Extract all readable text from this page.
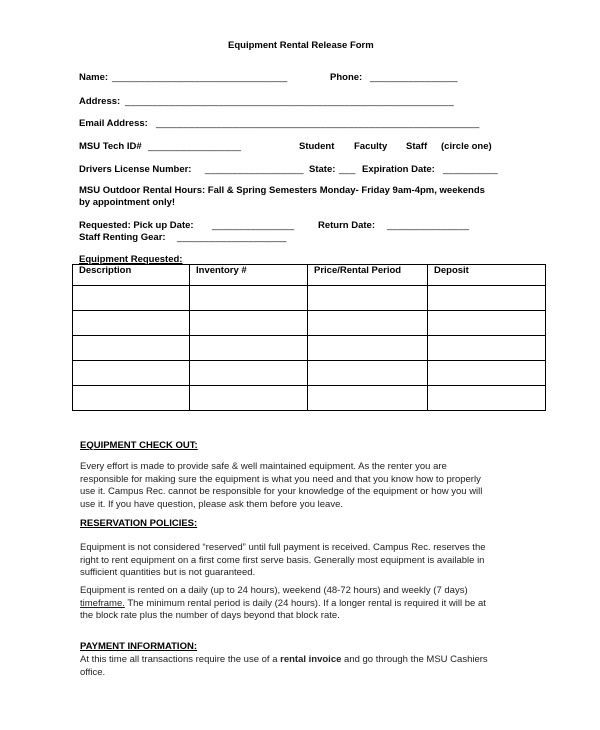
Equipment Rental Release Form
Name: ________________________________	Phone: ________________
Address: ____________________________________________________________
Email Address: ___________________________________________________________
MSU Tech ID# _________________	Student Faculty Staff (circle one)
Drivers License Number: __________________ State: ___ Expiration Date: __________
MSU Outdoor Rental Hours: Fall & Spring Semesters Monday- Friday 9am-4pm, weekends
by appointment only!
Requested: Pick up Date: _______________ Return Date: _______________
Staff Renting Gear: ____________________
Equipment Requested:
Description	Inventory #	Price/Rental Period	Deposit

EQUIPMENT CHECK OUT:
Every effort is made to provide safe & well maintained equipment. As the renter you are
responsible for making sure the equipment is what you need and that you know how to properly
use it. Campus Rec. cannot be responsible for your knowledge of the equipment or how you will
use it. If you have question, please ask them before you leave.
RESERVATION POLICIES:
Equipment is not considered “reserved” until full payment is received. Campus Rec. reserves the
right to rent equipment on a first come first serve basis. Generally most equipment is available in
sufficient quantities but is not guaranteed.
Equipment is rented on a daily (up to 24 hours), weekend (48-72 hours) and weekly (7 days)
timeframe. The minimum rental period is daily (24 hours). If a longer rental is required it will be at
the block rate plus the number of days beyond that block rate.
PAYMENT INFORMATION:
At this time all transactions require the use of a rental invoice and go through the MSU Cashiers
office.
